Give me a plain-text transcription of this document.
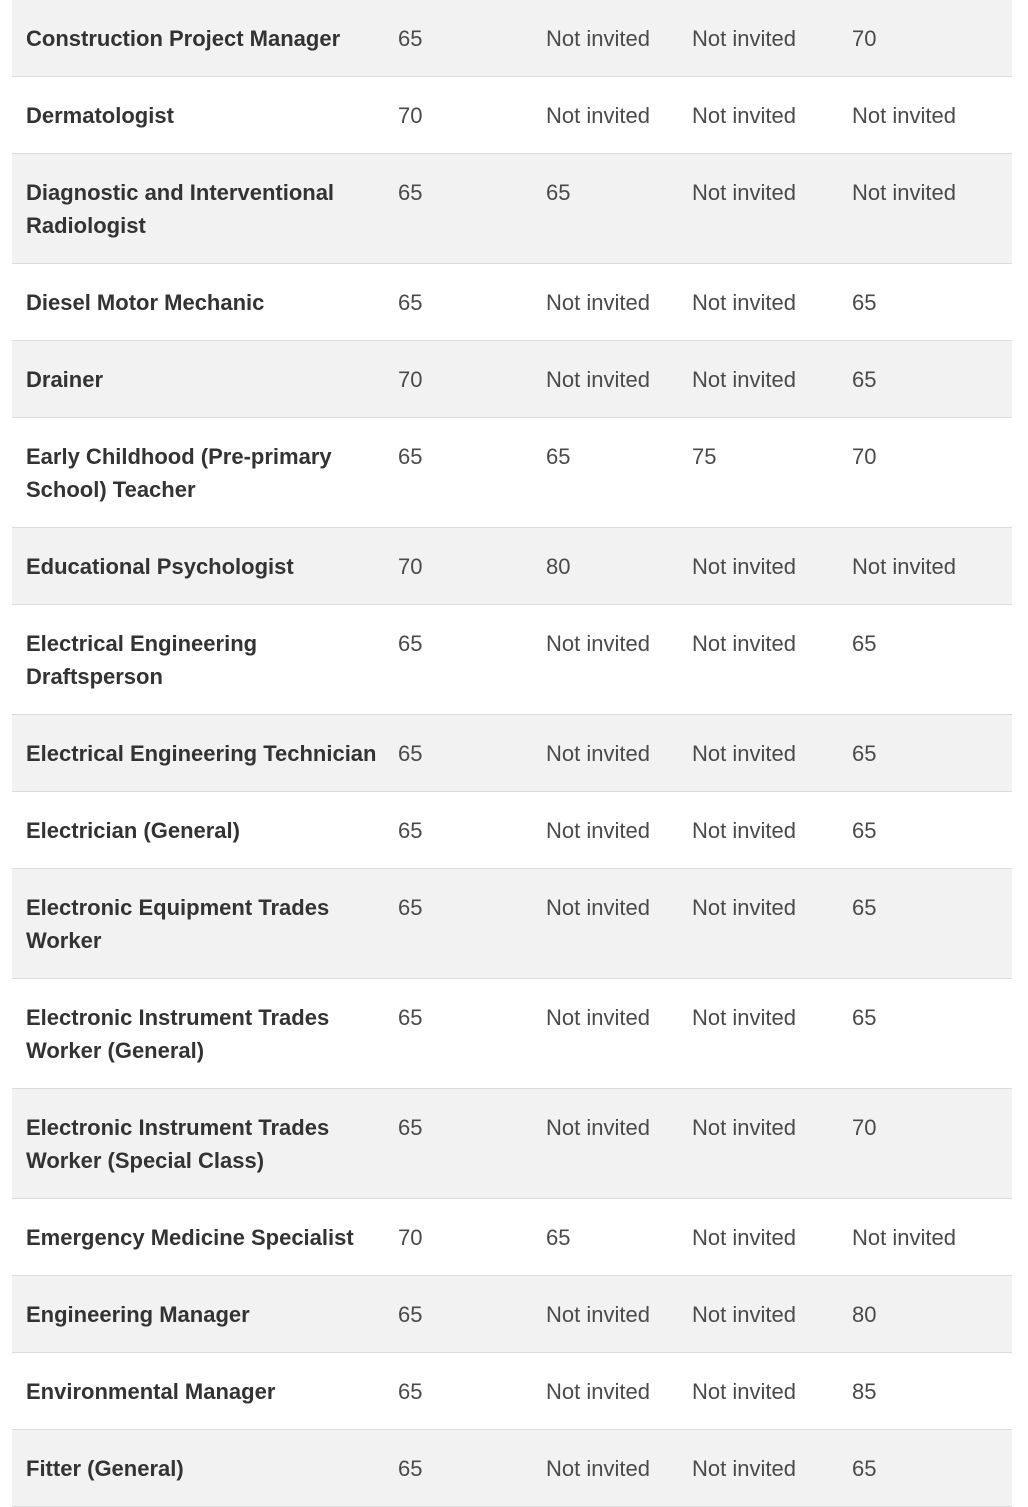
Construction Project Manager	65	Not invited	Not invited	70
Dermatologist	70	Not invited	Not invited	Not invited
Diagnostic and Interventional Radiologist	65	65	Not invited	Not invited
Diesel Motor Mechanic	65	Not invited	Not invited	65
Drainer	70	Not invited	Not invited	65
Early Childhood (Pre-primary School) Teacher	65	65	75	70
Educational Psychologist	70	80	Not invited	Not invited
Electrical Engineering Draftsperson	65	Not invited	Not invited	65
Electrical Engineering Technician	65	Not invited	Not invited	65
Electrician (General)	65	Not invited	Not invited	65
Electronic Equipment Trades Worker	65	Not invited	Not invited	65
Electronic Instrument Trades Worker (General)	65	Not invited	Not invited	65
Electronic Instrument Trades Worker (Special Class)	65	Not invited	Not invited	70
Emergency Medicine Specialist	70	65	Not invited	Not invited
Engineering Manager	65	Not invited	Not invited	80
Environmental Manager	65	Not invited	Not invited	85
Fitter (General)	65	Not invited	Not invited	65
